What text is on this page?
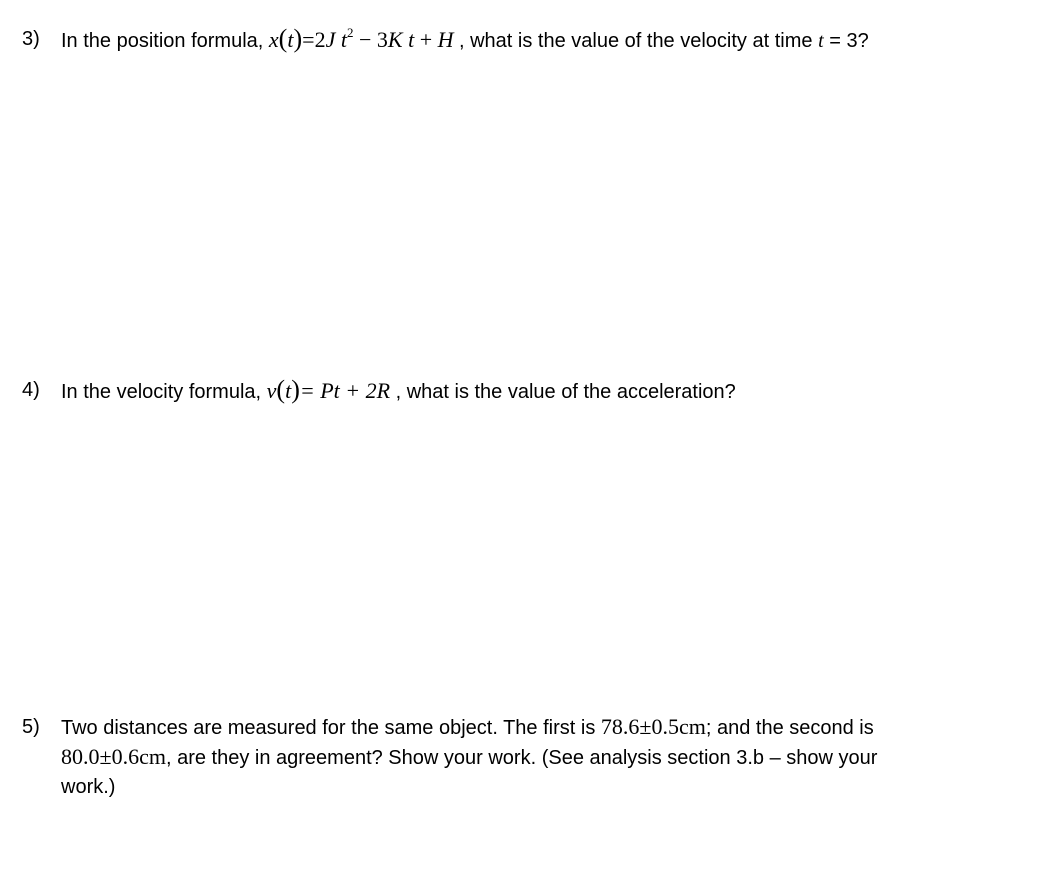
3) In the position formula, x(t)=2J $t^2 - 3K$ t + H , what is the value of the velocity at time t = 3?
4) In the velocity formula, v(t)= Pt + 2R , what is the value of the acceleration?
5) Two distances are measured for the same object. The first is 78.6±0.5cm; and the second is
80.0±0.6cm, are they in agreement? Show your work. (See analysis section 3.b – show your
work.)
